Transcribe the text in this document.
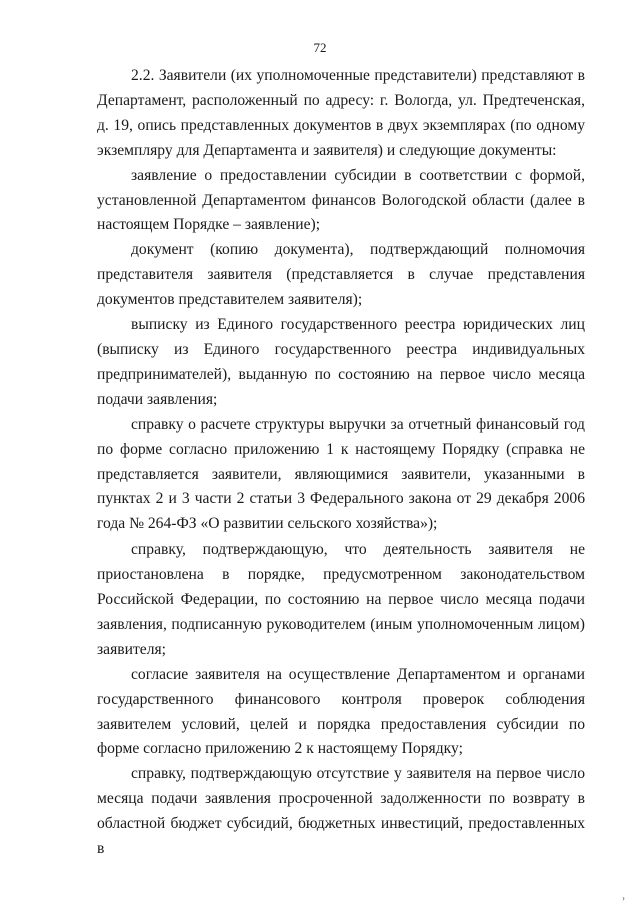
72

2.2. Заявители (их уполномоченные представители) представляют в Департамент, расположенный по адресу: г. Вологда, ул. Предтеченская, д. 19, опись представленных документов в двух экземплярах (по одному экземпляру для Департамента и заявителя) и следующие документы:

заявление о предоставлении субсидии в соответствии с формой, установленной Департаментом финансов Вологодской области (далее в настоящем Порядке – заявление);

документ (копию документа), подтверждающий полномочия представителя заявителя (представляется в случае представления документов представителем заявителя);

выписку из Единого государственного реестра юридических лиц (выписку из Единого государственного реестра индивидуальных предпринимателей), выданную по состоянию на первое число месяца подачи заявления;

справку о расчете структуры выручки за отчетный финансовый год по форме согласно приложению 1 к настоящему Порядку (справка не представляется заявители, являющимися заявители, указанными в пунктах 2 и 3 части 2 статьи 3 Федерального закона от 29 декабря 2006 года № 264-ФЗ «О развитии сельского хозяйства»);

справку, подтверждающую, что деятельность заявителя не приостановлена в порядке, предусмотренном законодательством Российской Федерации, по состоянию на первое число месяца подачи заявления, подписанную руководителем (иным уполномоченным лицом) заявителя;

согласие заявителя на осуществление Департаментом и органами государственного финансового контроля проверок соблюдения заявителем условий, целей и порядка предоставления субсидии по форме согласно приложению 2 к настоящему Порядку;

справку, подтверждающую отсутствие у заявителя на первое число месяца подачи заявления просроченной задолженности по возврату в областной бюджет субсидий, бюджетных инвестиций, предоставленных в

›
